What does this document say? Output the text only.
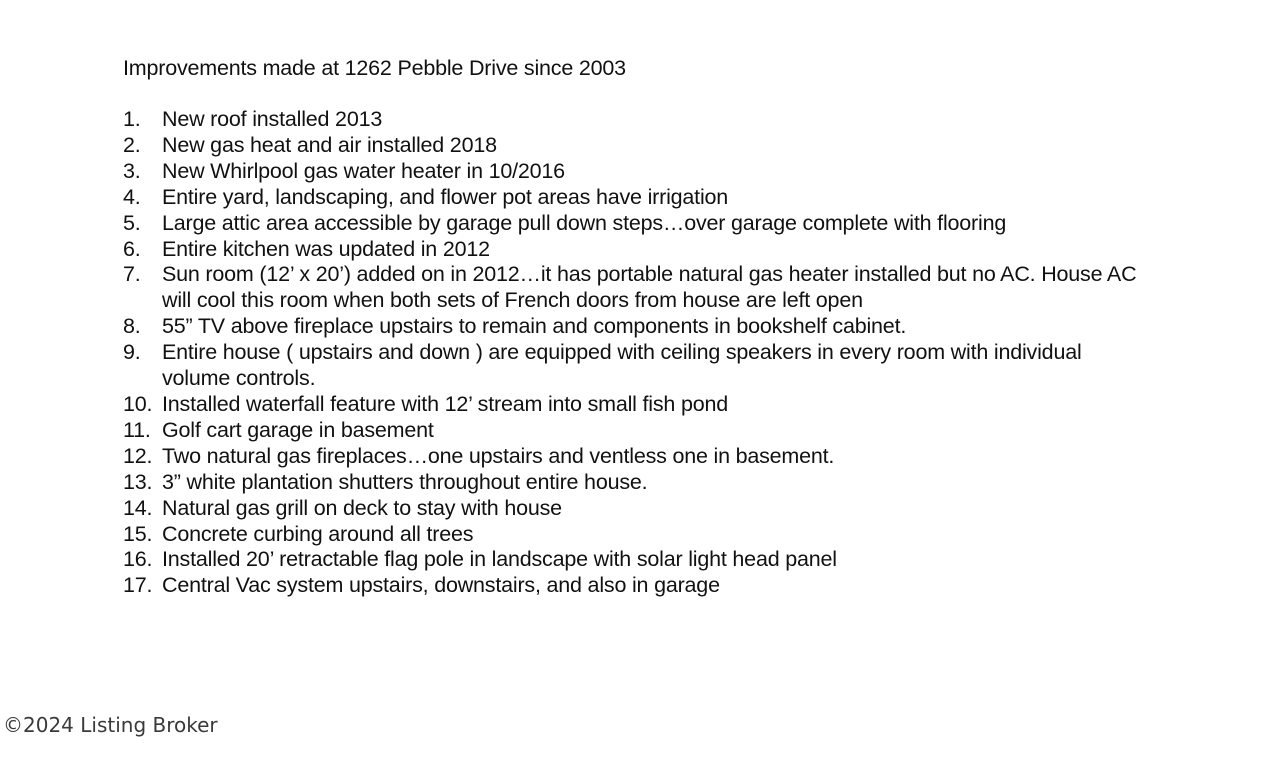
Improvements made at 1262 Pebble Drive since 2003
1. New roof installed 2013
2. New gas heat and air installed 2018
3. New Whirlpool gas water heater in 10/2016
4. Entire yard, landscaping, and flower pot areas have irrigation
5. Large attic area accessible by garage pull down steps…over garage complete with flooring
6. Entire kitchen was updated in 2012
7. Sun room (12’ x 20’) added on in 2012…it has portable natural gas heater installed but no AC. House AC will cool this room when both sets of French doors from house are left open
8. 55” TV above fireplace upstairs to remain and components in bookshelf cabinet.
9. Entire house ( upstairs and down ) are equipped with ceiling speakers in every room with individual volume controls.
10. Installed waterfall feature with 12’ stream into small fish pond
11. Golf cart garage in basement
12. Two natural gas fireplaces…one upstairs and ventless one in basement.
13. 3” white plantation shutters throughout entire house.
14. Natural gas grill on deck to stay with house
15. Concrete curbing around all trees
16. Installed 20’ retractable flag pole in landscape with solar light head panel
17. Central Vac system upstairs, downstairs, and also in garage
©2024 Listing Broker
